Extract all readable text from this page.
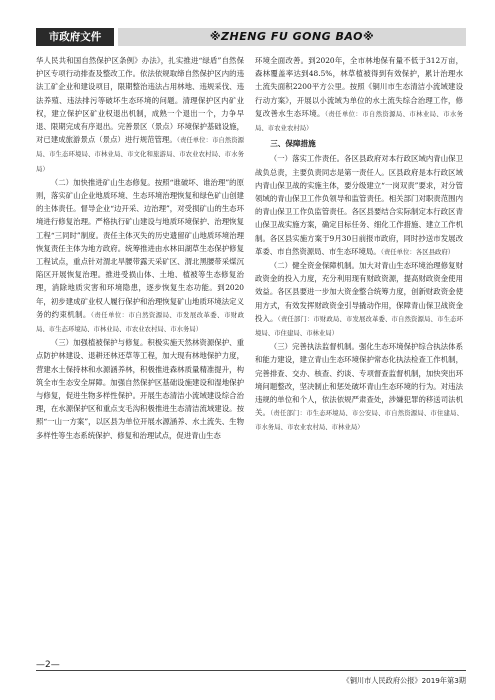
市政府文件	※ZHENG FU GONG BAO※

华人民共和国自然保护区条例》办法》，扎实推进“绿盾”自然保护区专项行动排查及整改工作。依法依规取缔自然保护区内的违法工矿企业和建设项目，限期整治违法占用林地、违规采伐、违法养殖、违法排污等破坏生态环境的问题。清理保护区内矿业权，建立保护区矿业权退出机制，成熟一个退出一个，力争早退、限期完成有序退出。完善景区（景点）环境保护基础设施，对已建成旅游景点（景点）进行规范管理。（责任单位：市自然资源局、市生态环境局、市林业局、市文化和旅游局、市农业农村局、市水务局）

（二）加快推进矿山生态修复。按照“谁破坏、谁治理”的原则，落实矿山企业地质环境、生态环境治理恢复和绿色矿山创建的主体责任。督导企业“边开采、边治理”，对受损矿山的生态环境进行修复治理。严格执行矿山建设与地质环境保护、治理恢复工程“三同时”制度。责任主体灭失的历史遗留矿山地质环境治理恢复责任主体为地方政府。统筹推进由水林田湖草生态保护修复工程试点，重点针对渭北旱腰带露天采矿区、渭北黑腰带采煤沉陷区开展恢复治理。推进受损山体、土地、植被等生态修复治理，消除地质灾害和环境隐患，逐步恢复生态功能。到2020年，初步建成矿业权人履行保护和治理恢复矿山地质环境法定义务的约束机制。（责任单位：市自然资源局、市发展改革委、市财政局、市生态环境局、市林业局、市农业农村局、市水务局）

（三）加强植被保护与修复。积极实施天然林资源保护、重点防护林建设、退耕还林还草等工程，加大现有林地保护力度，营建水土保持林和水源涵养林，积极推进森林质量精准提升，构筑全市生态安全屏障。加强自然保护区基础设施建设和湿地保护与修复，促进生物多样性保护。开展生态清洁小流域建设综合治理，在水源保护区和重点支毛沟积极推进生态清洁流域建设。按照“一山一方案”，以区县为单位开展水源涵养、水土流失、生物多样性等生态系统保护、修复和治理试点，促进青山生态

环境全面改善。到2020年，全市林地保有量不低于312万亩，森林覆盖率达到48.5%，林草植被得到有效保护，累计治理水土流失面积2200平方公里。按照《铜川市生态清洁小流域建设行动方案》，开展以小流域为单位的水土流失综合治理工作，修复改善水生态环境。（责任单位：市自然资源局、市林业局、市水务局、市农业农村局）

三、保障措施

（一）落实工作责任。各区县政府对本行政区域内青山保卫战负总责，主要负责同志是第一责任人。区县政府是本行政区域内青山保卫战的实施主体，要分级建立“一岗双责”要求，对分管领域的青山保卫工作负领导和监管责任。相关部门对职责范围内的青山保卫工作负监管责任。各区县要结合实际制定本行政区青山保卫战实施方案，确定目标任务、细化工作措施、建立工作机制。各区县实施方案于9月30日前报市政府，同时抄送市发展改革委、市自然资源局、市生态环境局。（责任单位：各区县政府）

（二）健全资金保障机制。加大对青山生态环境治理修复财政资金的投入力度，充分利用现有财政资源，提高财政资金使用效益。各区县要进一步加大资金整合统筹力度，创新财政资金使用方式，有效发挥财政资金引导撬动作用，保障青山保卫战资金投入。（责任部门：市财政局、市发展改革委、市自然资源局、市生态环境局、市住建局、市林业局）

（三）完善执法监督机制。强化生态环境保护综合执法体系和能力建设，建立青山生态环境保护常态化执法检查工作机制，完善排查、交办、核查、约谈、专项督查监督机制，加快突出环境问题整改，坚决制止和惩处破坏青山生态环境的行为。对违法违规的单位和个人，依法依规严肃查处，涉嫌犯罪的移送司法机关。（责任部门：市生态环境局、市公安局、市自然资源局、市住建局、市水务局、市农业农村局、市林业局）

—2—
《铜川市人民政府公报》2019年第3期
